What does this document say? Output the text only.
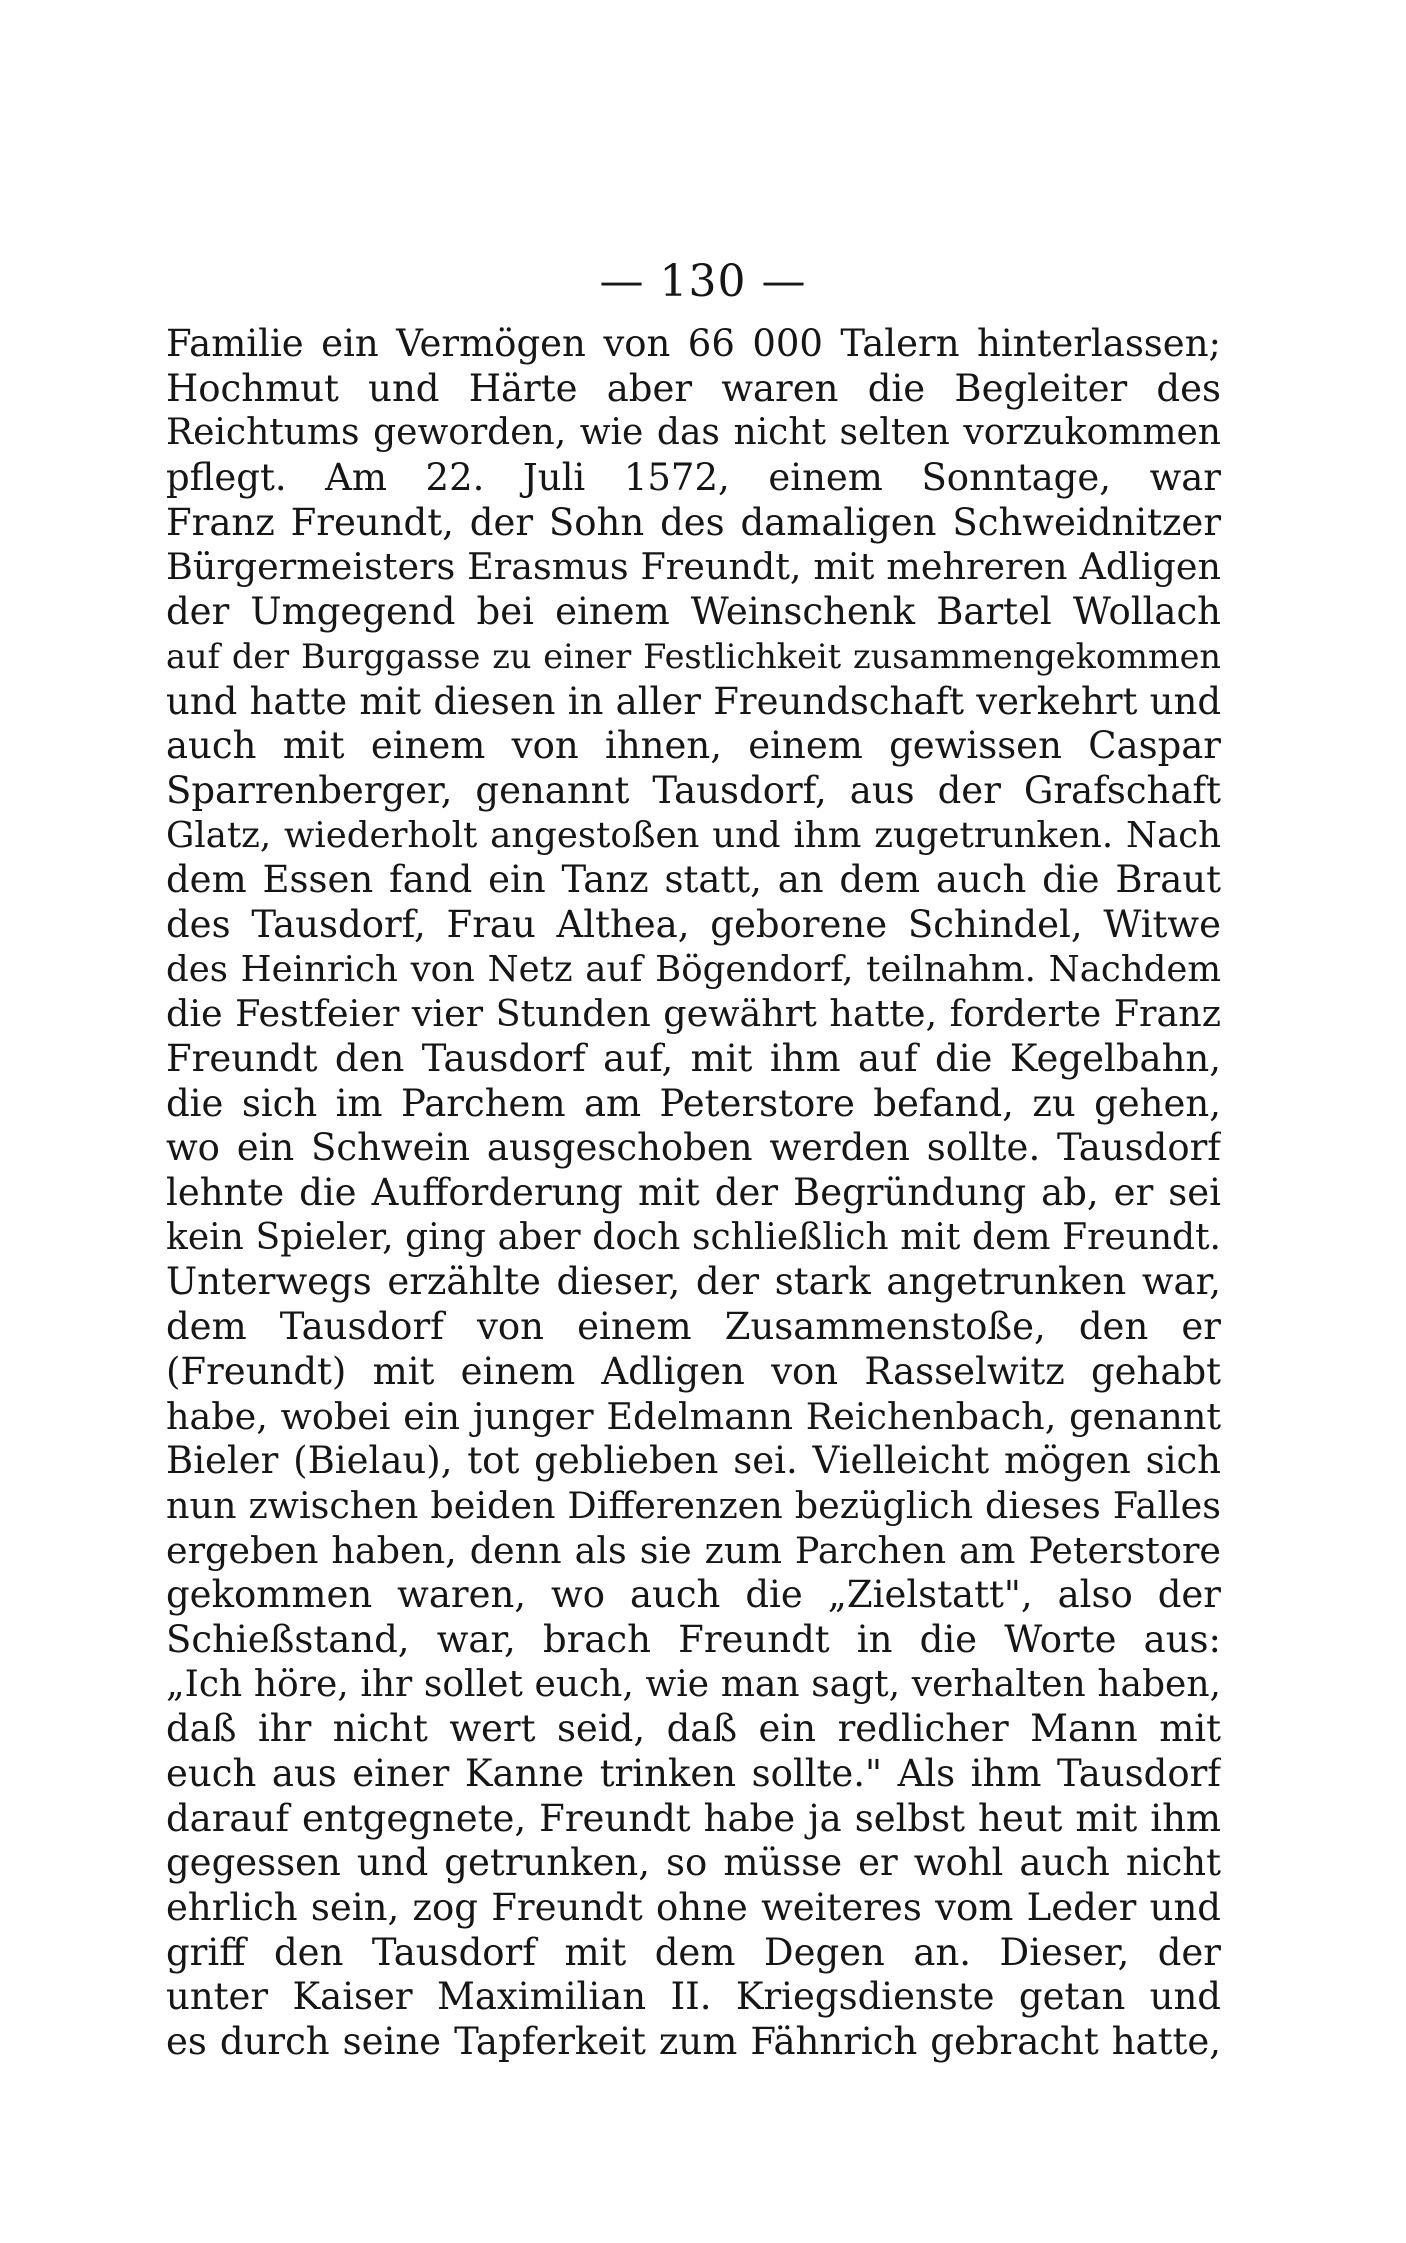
— 130 —
Familie ein Vermögen von 66 000 Talern hinterlassen;
Hochmut und Härte aber waren die Begleiter des
Reichtums geworden, wie das nicht selten vorzukommen
pflegt. Am 22. Juli 1572, einem Sonntage, war
Franz Freundt, der Sohn des damaligen Schweidnitzer
Bürgermeisters Erasmus Freundt, mit mehreren Adligen
der Umgegend bei einem Weinschenk Bartel Wollach
auf der Burggasse zu einer Festlichkeit zusammengekommen
und hatte mit diesen in aller Freundschaft verkehrt und
auch mit einem von ihnen, einem gewissen Caspar
Sparrenberger, genannt Tausdorf, aus der Grafschaft
Glatz, wiederholt angestoßen und ihm zugetrunken. Nach
dem Essen fand ein Tanz statt, an dem auch die Braut
des Tausdorf, Frau Althea, geborene Schindel, Witwe
des Heinrich von Netz auf Bögendorf, teilnahm. Nachdem
die Festfeier vier Stunden gewährt hatte, forderte Franz
Freundt den Tausdorf auf, mit ihm auf die Kegelbahn,
die sich im Parchem am Peterstore befand, zu gehen,
wo ein Schwein ausgeschoben werden sollte. Tausdorf
lehnte die Aufforderung mit der Begründung ab, er sei
kein Spieler, ging aber doch schließlich mit dem Freundt.
Unterwegs erzählte dieser, der stark angetrunken war,
dem Tausdorf von einem Zusammenstoße, den er
(Freundt) mit einem Adligen von Rasselwitz gehabt
habe, wobei ein junger Edelmann Reichenbach, genannt
Bieler (Bielau), tot geblieben sei. Vielleicht mögen sich
nun zwischen beiden Differenzen bezüglich dieses Falles
ergeben haben, denn als sie zum Parchen am Peterstore
gekommen waren, wo auch die „Zielstatt", also der
Schießstand, war, brach Freundt in die Worte aus:
„Ich höre, ihr sollet euch, wie man sagt, verhalten haben,
daß ihr nicht wert seid, daß ein redlicher Mann mit
euch aus einer Kanne trinken sollte." Als ihm Tausdorf
darauf entgegnete, Freundt habe ja selbst heut mit ihm
gegessen und getrunken, so müsse er wohl auch nicht
ehrlich sein, zog Freundt ohne weiteres vom Leder und
griff den Tausdorf mit dem Degen an. Dieser, der
unter Kaiser Maximilian II. Kriegsdienste getan und
es durch seine Tapferkeit zum Fähnrich gebracht hatte,
